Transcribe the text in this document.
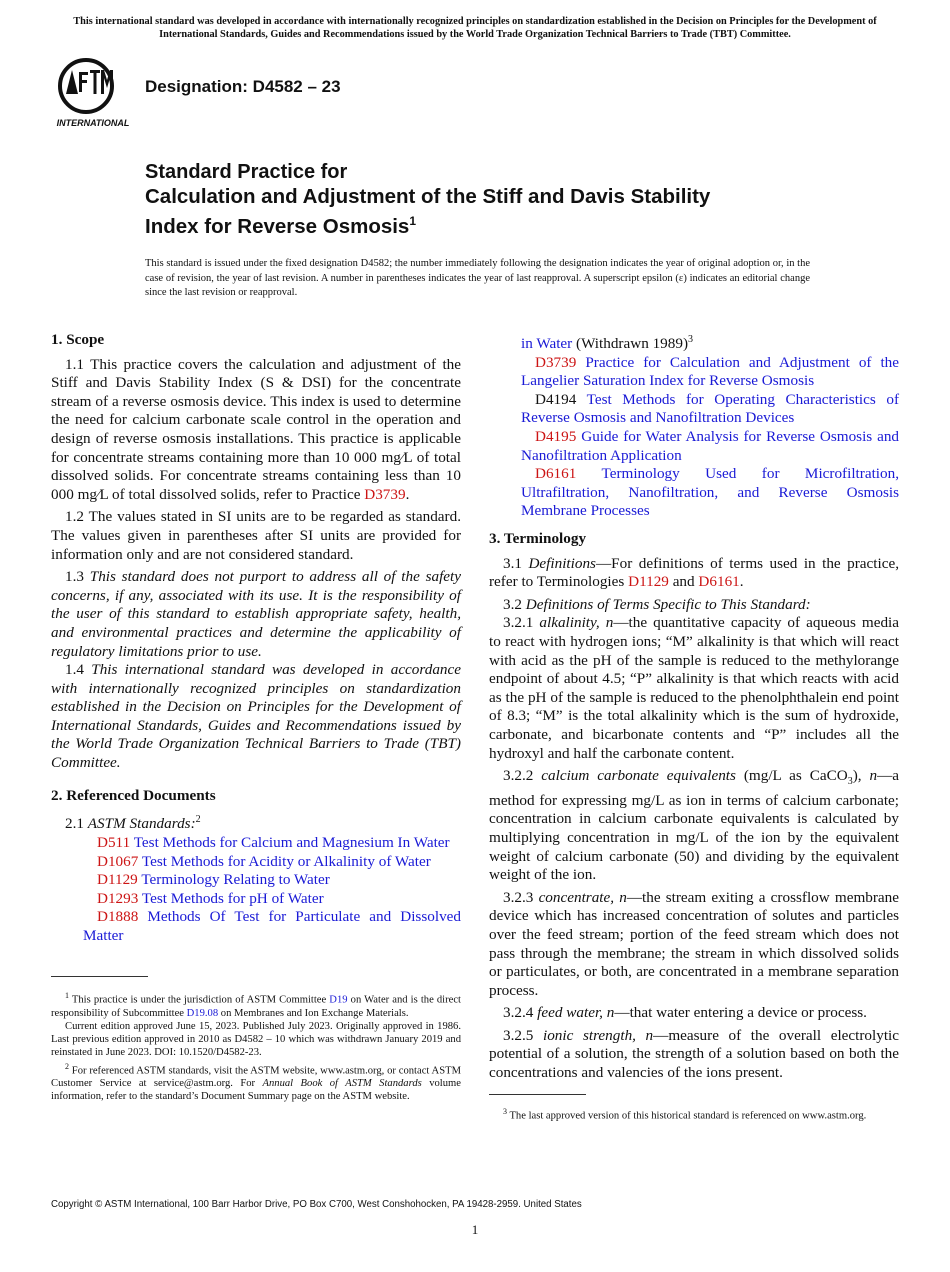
This international standard was developed in accordance with internationally recognized principles on standardization established in the Decision on Principles for the Development of International Standards, Guides and Recommendations issued by the World Trade Organization Technical Barriers to Trade (TBT) Committee.
INTERNATIONAL
Designation: D4582 – 23
Standard Practice for
Calculation and Adjustment of the Stiff and Davis Stability
Index for Reverse Osmosis$^1$
This standard is issued under the fixed designation D4582; the number immediately following the designation indicates the year of original adoption or, in the case of revision, the year of last revision. A number in parentheses indicates the year of last reapproval. A superscript epsilon (ε) indicates an editorial change since the last revision or reapproval.
1. Scope

1.1 This practice covers the calculation and adjustment of the Stiff and Davis Stability Index (S & DSI) for the concentrate stream of a reverse osmosis device. This index is used to determine the need for calcium carbonate scale control in the operation and design of reverse osmosis installations. This practice is applicable for concentrate streams containing more than 10 000 mg⁄L of total dissolved solids. For concentrate streams containing less than 10 000 mg⁄L of total dissolved solids, refer to Practice D3739.

1.2 The values stated in SI units are to be regarded as standard. The values given in parentheses after SI units are provided for information only and are not considered standard.

1.3 This standard does not purport to address all of the safety concerns, if any, associated with its use. It is the responsibility of the user of this standard to establish appropriate safety, health, and environmental practices and determine the applicability of regulatory limitations prior to use.

1.4 This international standard was developed in accordance with internationally recognized principles on standardization established in the Decision on Principles for the Development of International Standards, Guides and Recommendations issued by the World Trade Organization Technical Barriers to Trade (TBT) Committee.

2. Referenced Documents

2.1 ASTM Standards:$^2$

D511 Test Methods for Calcium and Magnesium In Water

D1067 Test Methods for Acidity or Alkalinity of Water

D1129 Terminology Relating to Water

D1293 Test Methods for pH of Water

D1888 Methods Of Test for Particulate and Dissolved Matter

$^1$ This practice is under the jurisdiction of ASTM Committee D19 on Water and is the direct responsibility of Subcommittee D19.08 on Membranes and Ion Exchange Materials.

Current edition approved June 15, 2023. Published July 2023. Originally approved in 1986. Last previous edition approved in 2010 as D4582 – 10 which was withdrawn January 2019 and reinstated in June 2023. DOI: 10.1520/D4582-23.

$^2$ For referenced ASTM standards, visit the ASTM website, www.astm.org, or contact ASTM Customer Service at service@astm.org. For Annual Book of ASTM Standards volume information, refer to the standard’s Document Summary page on the ASTM website.

in Water (Withdrawn 1989)$^3$

D3739 Practice for Calculation and Adjustment of the Langelier Saturation Index for Reverse Osmosis

D4194 Test Methods for Operating Characteristics of Reverse Osmosis and Nanofiltration Devices

D4195 Guide for Water Analysis for Reverse Osmosis and Nanofiltration Application

D6161 Terminology Used for Microfiltration, Ultrafiltration, Nanofiltration, and Reverse Osmosis Membrane Processes

3. Terminology

3.1 Definitions—For definitions of terms used in the practice, refer to Terminologies D1129 and D6161.

3.2 Definitions of Terms Specific to This Standard:

3.2.1 alkalinity, n—the quantitative capacity of aqueous media to react with hydrogen ions; “M” alkalinity is that which will react with acid as the pH of the sample is reduced to the methylorange endpoint of about 4.5; “P” alkalinity is that which reacts with acid as the pH of the sample is reduced to the phenolphthalein end point of 8.3; “M” is the total alkalinity which is the sum of hydroxide, carbonate, and bicarbonate contents and “P” includes all the hydroxyl and half the carbonate content.

3.2.2 calcium carbonate equivalents (mg/L as CaCO$_3$), n—a method for expressing mg/L as ion in terms of calcium carbonate; concentration in calcium carbonate equivalents is calculated by multiplying concentration in mg/L of the ion by the equivalent weight of calcium carbonate (50) and dividing by the equivalent weight of the ion.

3.2.3 concentrate, n—the stream exiting a crossflow membrane device which has increased concentration of solutes and particles over the feed stream; portion of the feed stream which does not pass through the membrane; the stream in which dissolved solids or particulates, or both, are concentrated in a membrane separation process.

3.2.4 feed water, n—that water entering a device or process.

3.2.5 ionic strength, n—measure of the overall electrolytic potential of a solution, the strength of a solution based on both the concentrations and valencies of the ions present.

$^3$ The last approved version of this historical standard is referenced on www.astm.org.

Copyright © ASTM International, 100 Barr Harbor Drive, PO Box C700, West Conshohocken, PA 19428-2959. United States
1
